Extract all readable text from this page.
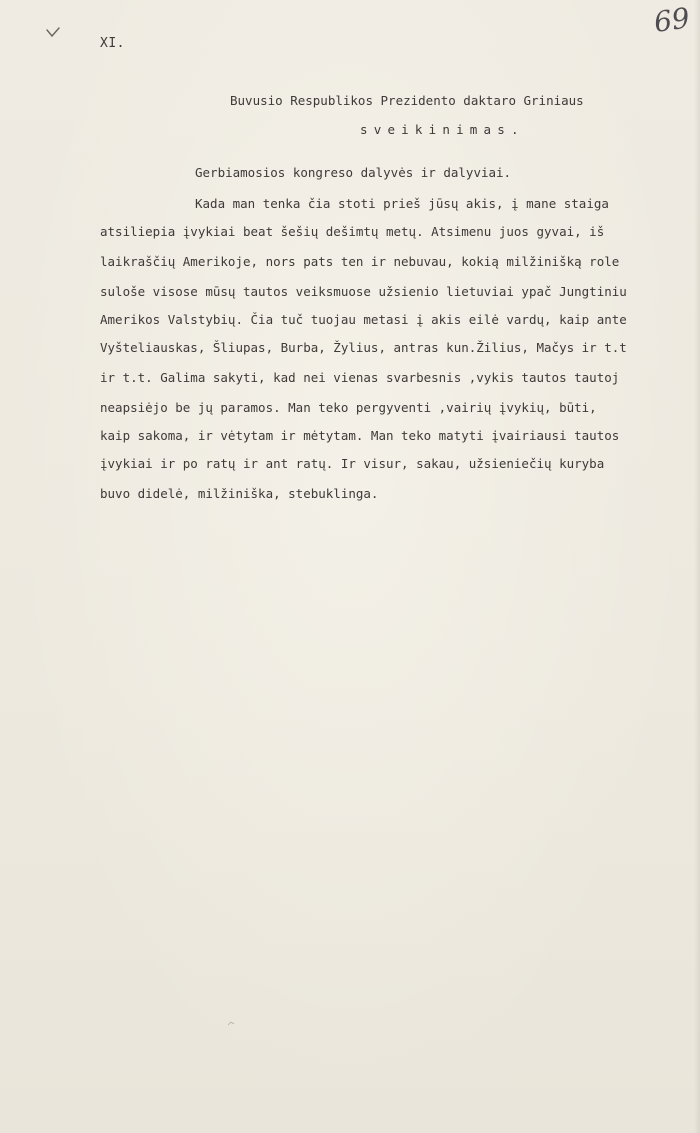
XI.
69
Buvusio Respublikos Prezidento daktaro Griniaus
sveikinimas.
Gerbiamosios kongreso dalyvės ir dalyviai.
Kada man tenka čia stoti prieš jūsų akis, į mane staiga
atsiliepia įvykiai beat šešių dešimtų metų. Atsimenu juos gyvai, iš
laikraščių Amerikoje, nors pats ten ir nebuvau, kokią milžinišką role
suloše visose mūsų tautos veiksmuose užsienio lietuviai ypač Jungtiniu
Amerikos Valstybių. Čia tuč tuojau metasi į akis eilė vardų, kaip ante
Vyšteliauskas, Šliupas, Burba, Žylius, antras kun.Žilius, Mačys ir t.t
ir t.t. Galima sakyti, kad nei vienas svarbesnis ,vykis tautos tautoj
neapsiėjo be jų paramos. Man teko pergyventi ,vairių įvykių, būti,
kaip sakoma, ir vėtytam ir mėtytam. Man teko matyti įvairiausi tautos
įvykiai ir po ratų ir ant ratų. Ir visur, sakau, užsieniečių kuryba
buvo didelė, milžiniška, stebuklinga.
